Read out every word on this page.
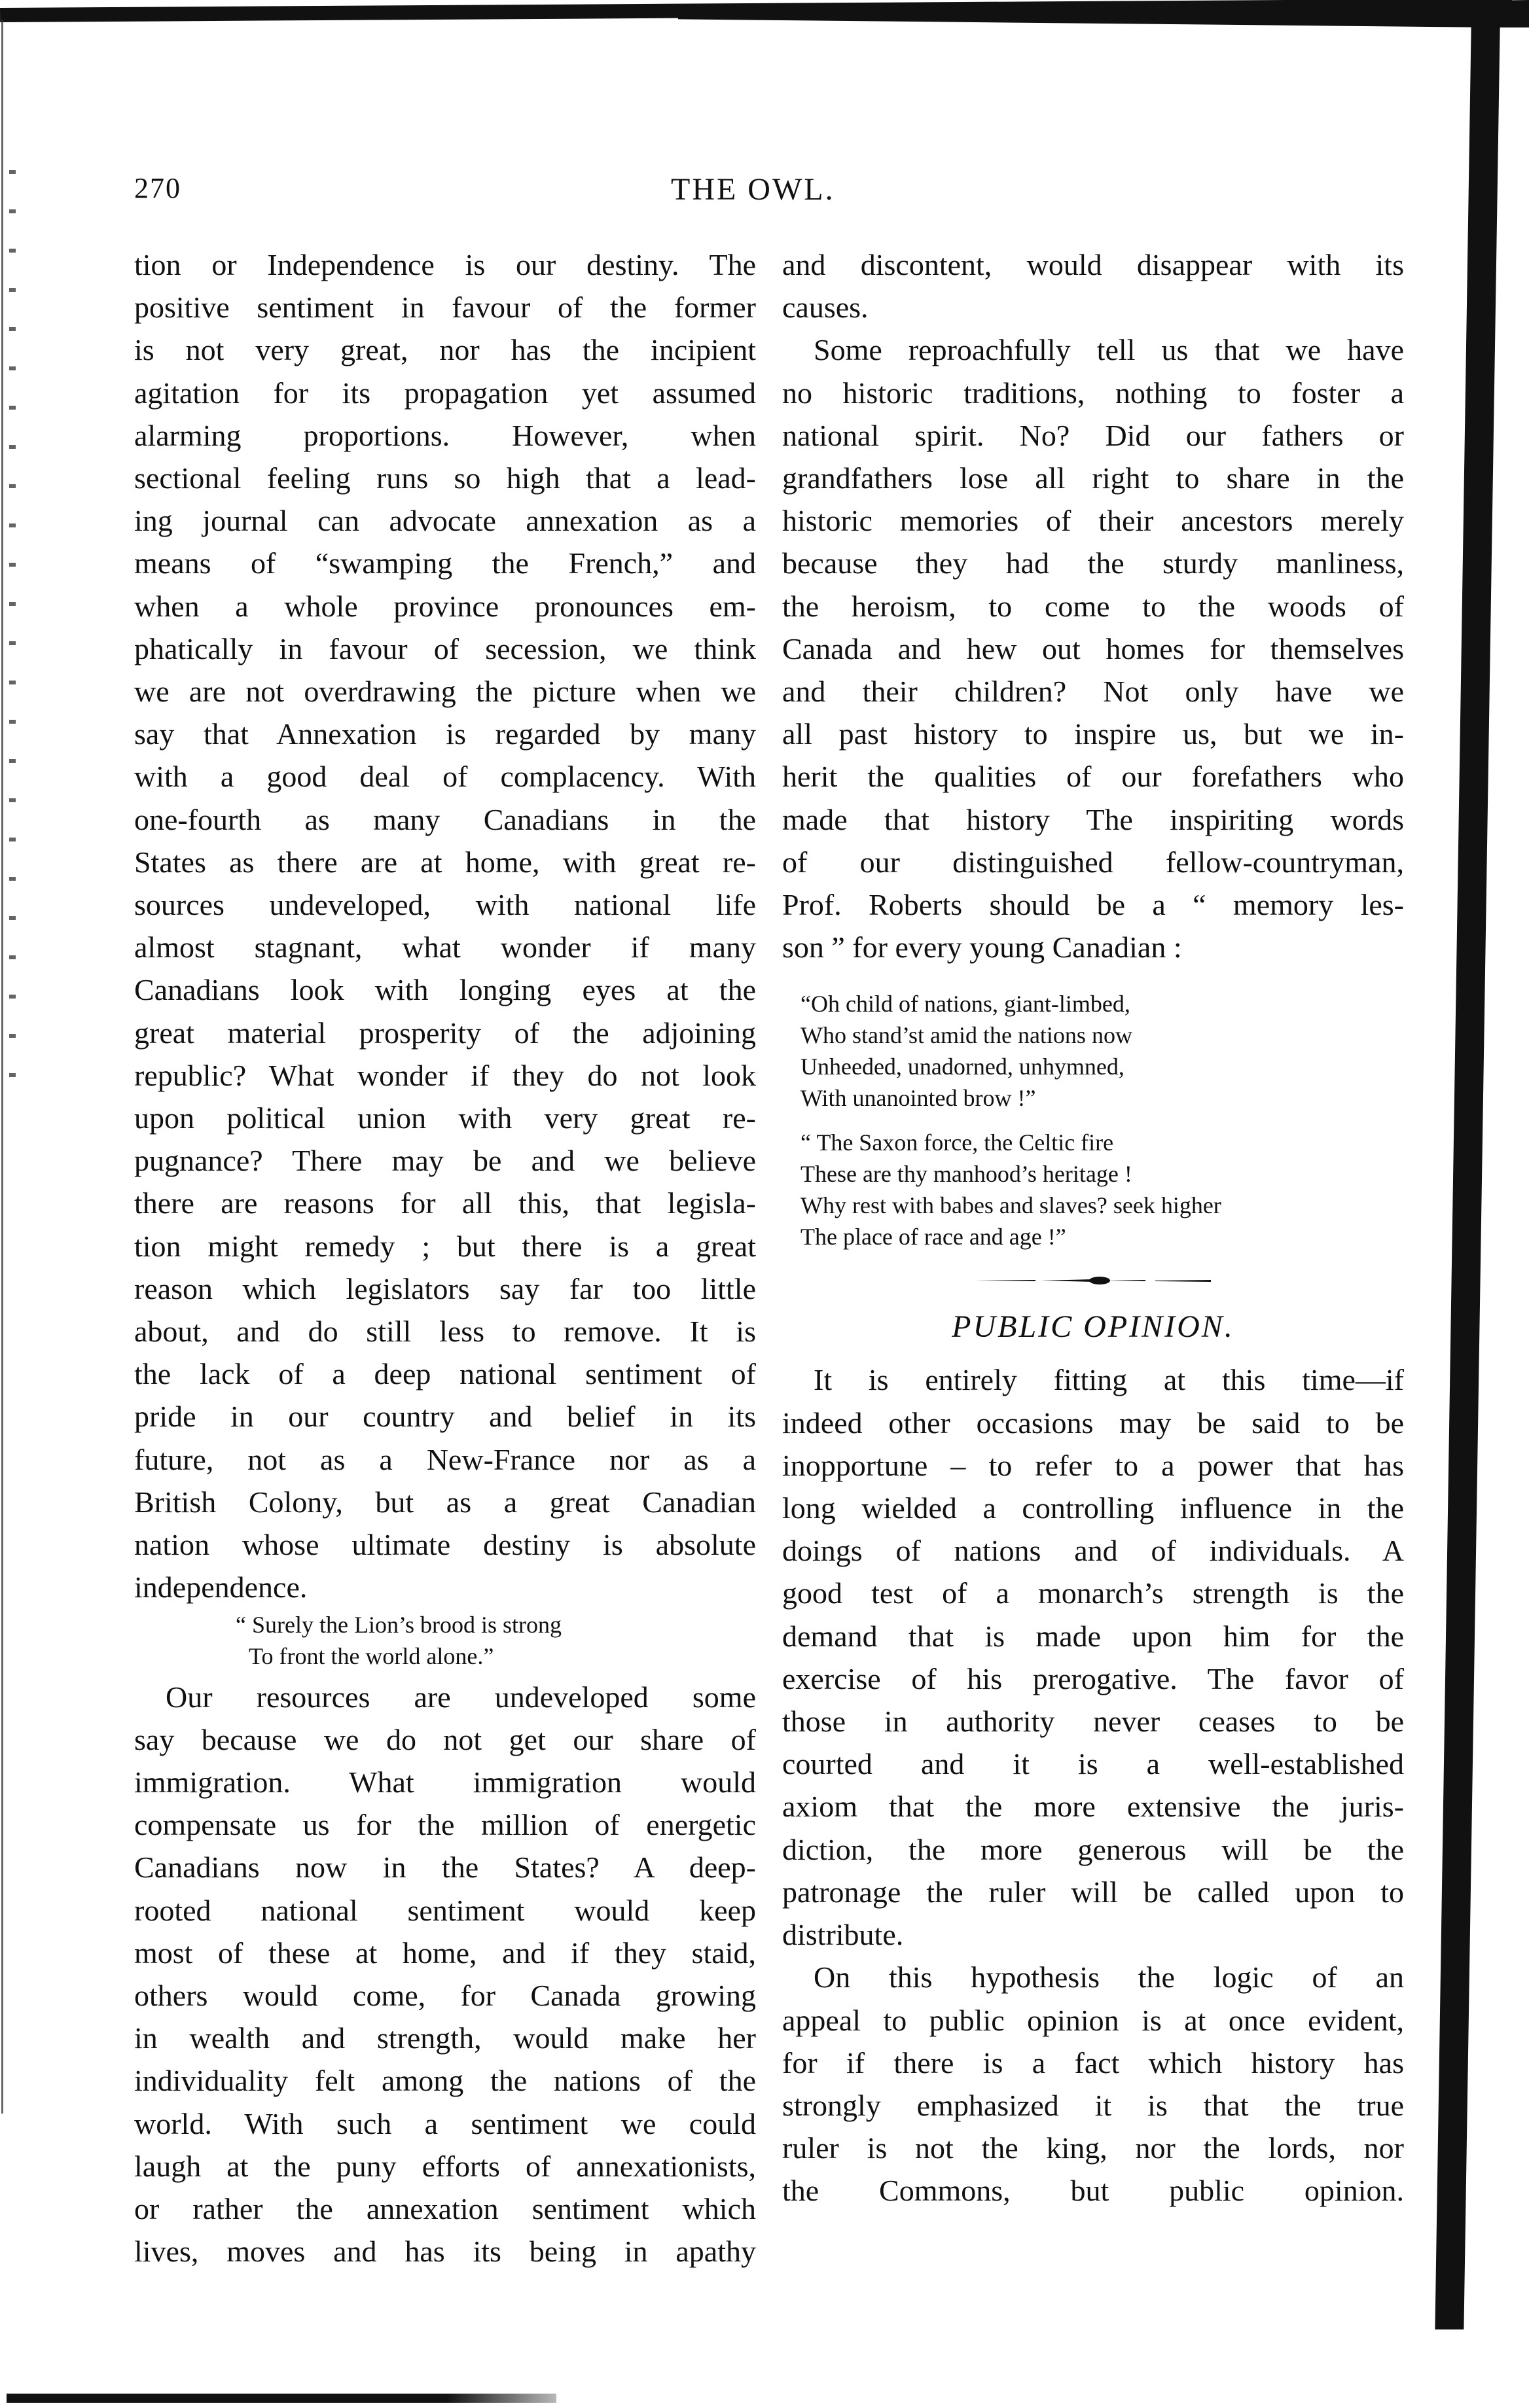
270	THE OWL.
tion or Independence is our destiny. The
positive sentiment in favour of the former
is not very great, nor has the incipient
agitation for its propagation yet assumed
alarming proportions. However, when
sectional feeling runs so high that a lead-
ing journal can advocate annexation as a
means of “swamping the French,” and
when a whole province pronounces em-
phatically in favour of secession, we think
we are not overdrawing the picture when we
say that Annexation is regarded by many
with a good deal of complacency. With
one-fourth as many Canadians in the
States as there are at home, with great re-
sources undeveloped, with national life
almost stagnant, what wonder if many
Canadians look with longing eyes at the
great material prosperity of the adjoining
republic? What wonder if they do not look
upon political union with very great re-
pugnance? There may be and we believe
there are reasons for all this, that legisla-
tion might remedy ; but there is a great
reason which legislators say far too little
about, and do still less to remove. It is
the lack of a deep national sentiment of
pride in our country and belief in its
future, not as a New-France nor as a
British Colony, but as a great Canadian
nation whose ultimate destiny is absolute
independence.
“ Surely the Lion’s brood is strong
To front the world alone.”
Our resources are undeveloped some
say because we do not get our share of
immigration. What immigration would
compensate us for the million of energetic
Canadians now in the States? A deep-
rooted national sentiment would keep
most of these at home, and if they staid,
others would come, for Canada growing
in wealth and strength, would make her
individuality felt among the nations of the
world. With such a sentiment we could
laugh at the puny efforts of annexationists,
or rather the annexation sentiment which
lives, moves and has its being in apathy
and discontent, would disappear with its
causes.
Some reproachfully tell us that we have
no historic traditions, nothing to foster a
national spirit. No? Did our fathers or
grandfathers lose all right to share in the
historic memories of their ancestors merely
because they had the sturdy manliness,
the heroism, to come to the woods of
Canada and hew out homes for themselves
and their children? Not only have we
all past history to inspire us, but we in-
herit the qualities of our forefathers who
made that history The inspiriting words
of our distinguished fellow-countryman,
Prof. Roberts should be a “ memory les-
son ” for every young Canadian :
“Oh child of nations, giant-limbed,
Who stand’st amid the nations now
Unheeded, unadorned, unhymned,
With unanointed brow !”
“ The Saxon force, the Celtic fire
These are thy manhood’s heritage !
Why rest with babes and slaves? seek higher
The place of race and age !”
PUBLIC OPINION.
It is entirely fitting at this time—if
indeed other occasions may be said to be
inopportune – to refer to a power that has
long wielded a controlling influence in the
doings of nations and of individuals. A
good test of a monarch’s strength is the
demand that is made upon him for the
exercise of his prerogative. The favor of
those in authority never ceases to be
courted and it is a well-established
axiom that the more extensive the juris-
diction, the more generous will be the
patronage the ruler will be called upon to
distribute.
On this hypothesis the logic of an
appeal to public opinion is at once evident,
for if there is a fact which history has
strongly emphasized it is that the true
ruler is not the king, nor the lords, nor
the Commons, but public opinion.
